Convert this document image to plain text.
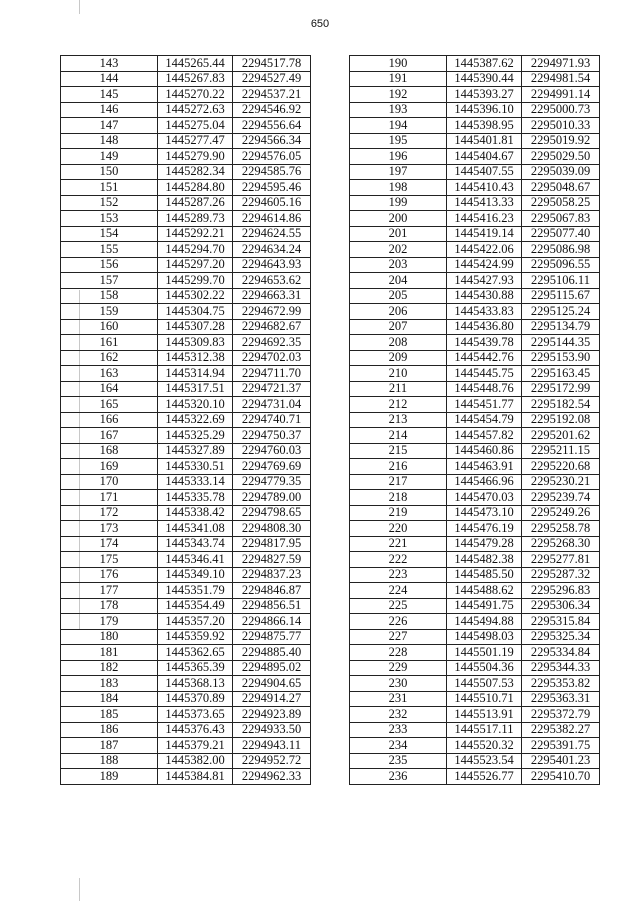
650
143	1445265.44	2294517.78
144	1445267.83	2294527.49
145	1445270.22	2294537.21
146	1445272.63	2294546.92
147	1445275.04	2294556.64
148	1445277.47	2294566.34
149	1445279.90	2294576.05
150	1445282.34	2294585.76
151	1445284.80	2294595.46
152	1445287.26	2294605.16
153	1445289.73	2294614.86
154	1445292.21	2294624.55
155	1445294.70	2294634.24
156	1445297.20	2294643.93
157	1445299.70	2294653.62
158	1445302.22	2294663.31
159	1445304.75	2294672.99
160	1445307.28	2294682.67
161	1445309.83	2294692.35
162	1445312.38	2294702.03
163	1445314.94	2294711.70
164	1445317.51	2294721.37
165	1445320.10	2294731.04
166	1445322.69	2294740.71
167	1445325.29	2294750.37
168	1445327.89	2294760.03
169	1445330.51	2294769.69
170	1445333.14	2294779.35
171	1445335.78	2294789.00
172	1445338.42	2294798.65
173	1445341.08	2294808.30
174	1445343.74	2294817.95
175	1445346.41	2294827.59
176	1445349.10	2294837.23
177	1445351.79	2294846.87
178	1445354.49	2294856.51
179	1445357.20	2294866.14
180	1445359.92	2294875.77
181	1445362.65	2294885.40
182	1445365.39	2294895.02
183	1445368.13	2294904.65
184	1445370.89	2294914.27
185	1445373.65	2294923.89
186	1445376.43	2294933.50
187	1445379.21	2294943.11
188	1445382.00	2294952.72
189	1445384.81	2294962.33
190	1445387.62	2294971.93
191	1445390.44	2294981.54
192	1445393.27	2294991.14
193	1445396.10	2295000.73
194	1445398.95	2295010.33
195	1445401.81	2295019.92
196	1445404.67	2295029.50
197	1445407.55	2295039.09
198	1445410.43	2295048.67
199	1445413.33	2295058.25
200	1445416.23	2295067.83
201	1445419.14	2295077.40
202	1445422.06	2295086.98
203	1445424.99	2295096.55
204	1445427.93	2295106.11
205	1445430.88	2295115.67
206	1445433.83	2295125.24
207	1445436.80	2295134.79
208	1445439.78	2295144.35
209	1445442.76	2295153.90
210	1445445.75	2295163.45
211	1445448.76	2295172.99
212	1445451.77	2295182.54
213	1445454.79	2295192.08
214	1445457.82	2295201.62
215	1445460.86	2295211.15
216	1445463.91	2295220.68
217	1445466.96	2295230.21
218	1445470.03	2295239.74
219	1445473.10	2295249.26
220	1445476.19	2295258.78
221	1445479.28	2295268.30
222	1445482.38	2295277.81
223	1445485.50	2295287.32
224	1445488.62	2295296.83
225	1445491.75	2295306.34
226	1445494.88	2295315.84
227	1445498.03	2295325.34
228	1445501.19	2295334.84
229	1445504.36	2295344.33
230	1445507.53	2295353.82
231	1445510.71	2295363.31
232	1445513.91	2295372.79
233	1445517.11	2295382.27
234	1445520.32	2295391.75
235	1445523.54	2295401.23
236	1445526.77	2295410.70
